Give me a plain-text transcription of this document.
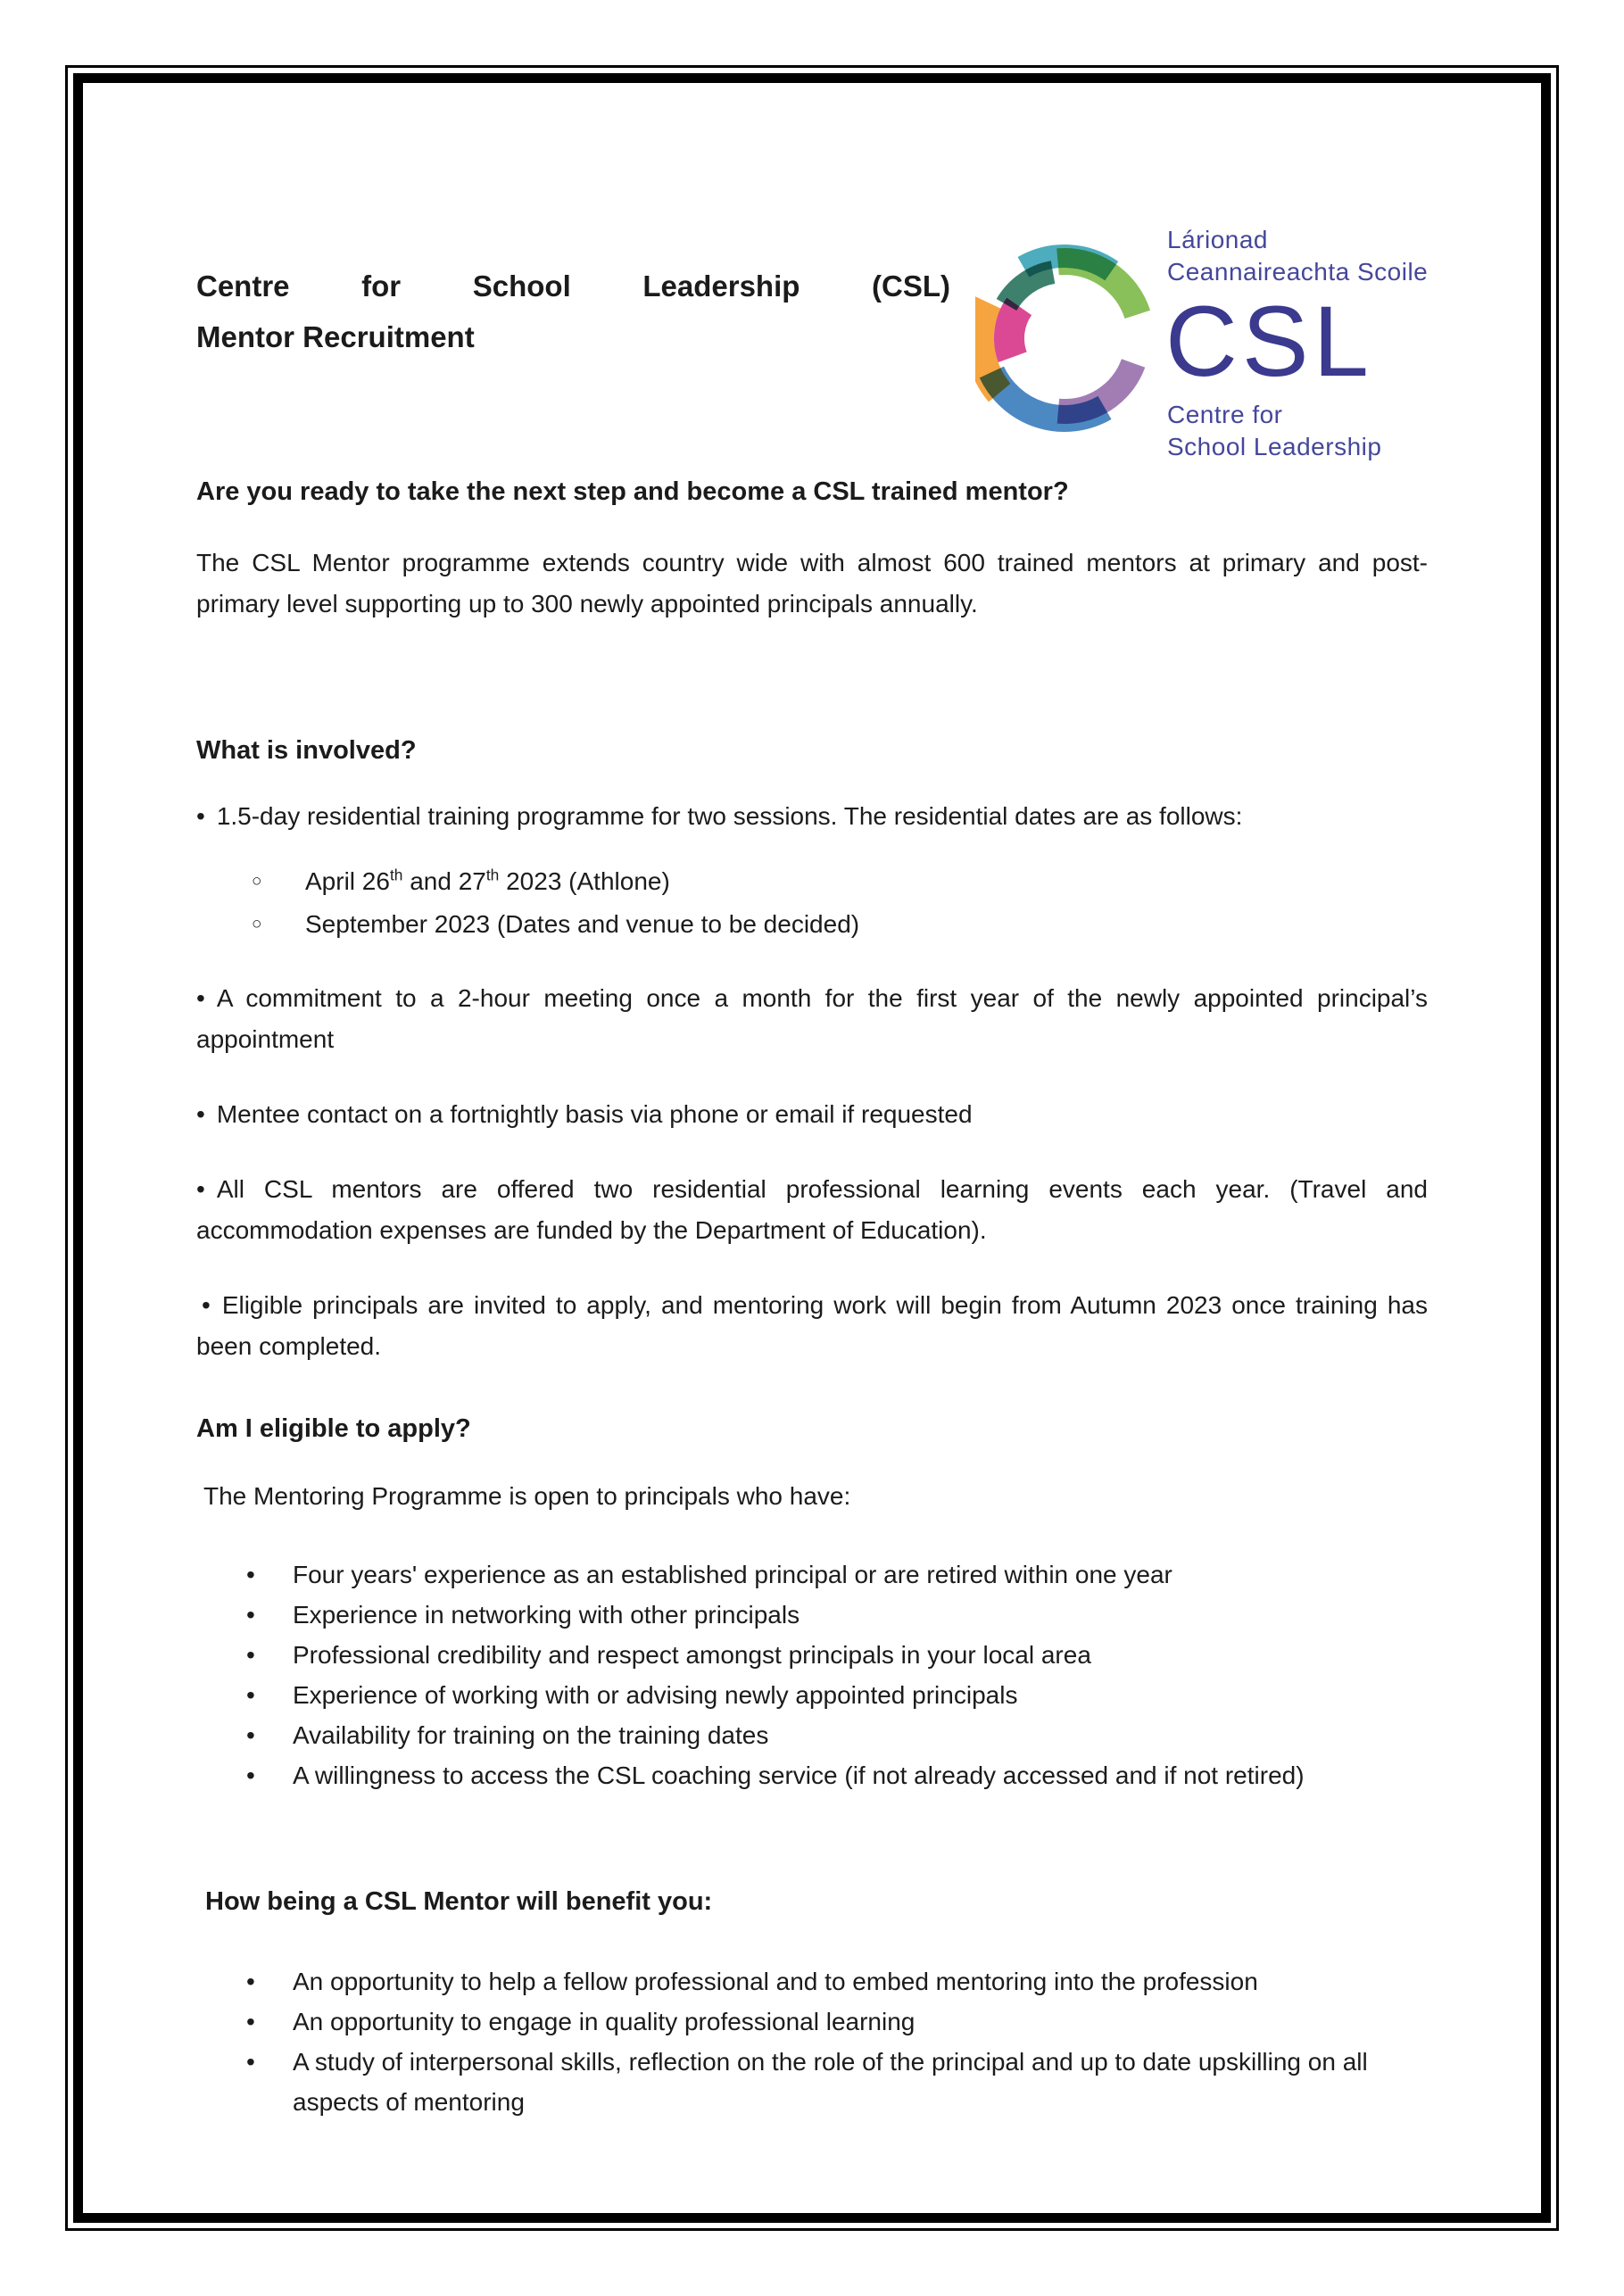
Lárionad
Ceannaireachta Scoile
CSL
Centre for
School Leadership
Centre for School Leadership (CSL)
Mentor Recruitment
Are you ready to take the next step and become a CSL trained mentor?

The CSL Mentor programme extends country wide with almost 600 trained mentors at primary and post-primary level supporting up to 300 newly appointed principals annually.

What is involved?

• 1.5-day residential training programme for two sessions. The residential dates are as follows:

○	April 26th and 27th 2023 (Athlone)
○	September 2023 (Dates and venue to be decided)

• A commitment to a 2-hour meeting once a month for the first year of the newly appointed principal’s appointment

• Mentee contact on a fortnightly basis via phone or email if requested

• All CSL mentors are offered two residential professional learning events each year. (Travel and accommodation expenses are funded by the Department of Education).

• Eligible principals are invited to apply, and mentoring work will begin from Autumn 2023 once training has been completed.

Am I eligible to apply?

The Mentoring Programme is open to principals who have:

•	Four years' experience as an established principal or are retired within one year
•	Experience in networking with other principals
•	Professional credibility and respect amongst principals in your local area
•	Experience of working with or advising newly appointed principals
•	Availability for training on the training dates
•	A willingness to access the CSL coaching service (if not already accessed and if not retired)
How being a CSL Mentor will benefit you:
•	An opportunity to help a fellow professional and to embed mentoring into the profession
•	An opportunity to engage in quality professional learning
•	A study of interpersonal skills, reflection on the role of the principal and up to date upskilling on all aspects of mentoring
